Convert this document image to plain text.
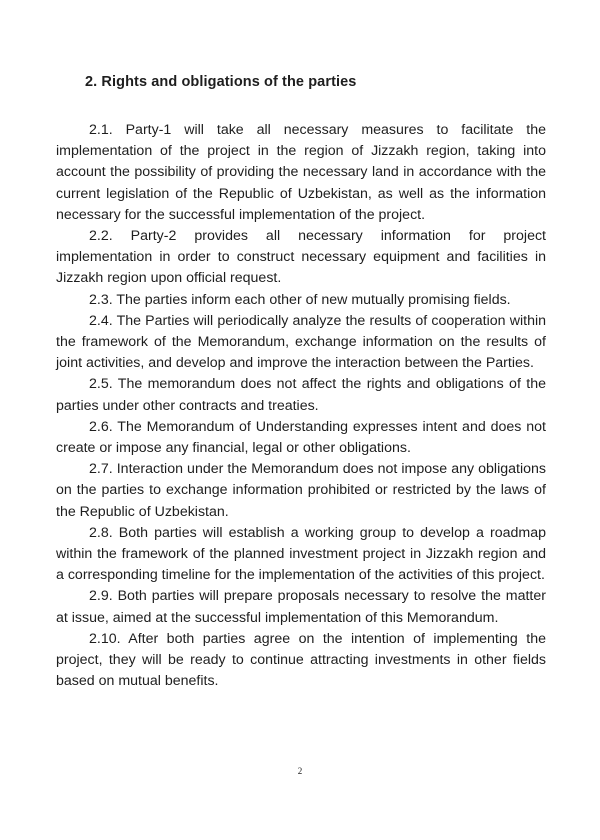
2. Rights and obligations of the parties

2.1. Party-1 will take all necessary measures to facilitate the implementation of the project in the region of Jizzakh region, taking into account the possibility of providing the necessary land in accordance with the current legislation of the Republic of Uzbekistan, as well as the information necessary for the successful implementation of the project.

2.2. Party-2 provides all necessary information for project implementation in order to construct necessary equipment and facilities in Jizzakh region upon official request.

2.3. The parties inform each other of new mutually promising fields.

2.4. The Parties will periodically analyze the results of cooperation within the framework of the Memorandum, exchange information on the results of joint activities, and develop and improve the interaction between the Parties.

2.5. The memorandum does not affect the rights and obligations of the parties under other contracts and treaties.

2.6. The Memorandum of Understanding expresses intent and does not create or impose any financial, legal or other obligations.

2.7. Interaction under the Memorandum does not impose any obligations on the parties to exchange information prohibited or restricted by the laws of the Republic of Uzbekistan.

2.8. Both parties will establish a working group to develop a roadmap within the framework of the planned investment project in Jizzakh region and a corresponding timeline for the implementation of the activities of this project.

2.9. Both parties will prepare proposals necessary to resolve the matter at issue, aimed at the successful implementation of this Memorandum.

2.10. After both parties agree on the intention of implementing the project, they will be ready to continue attracting investments in other fields based on mutual benefits.

2
